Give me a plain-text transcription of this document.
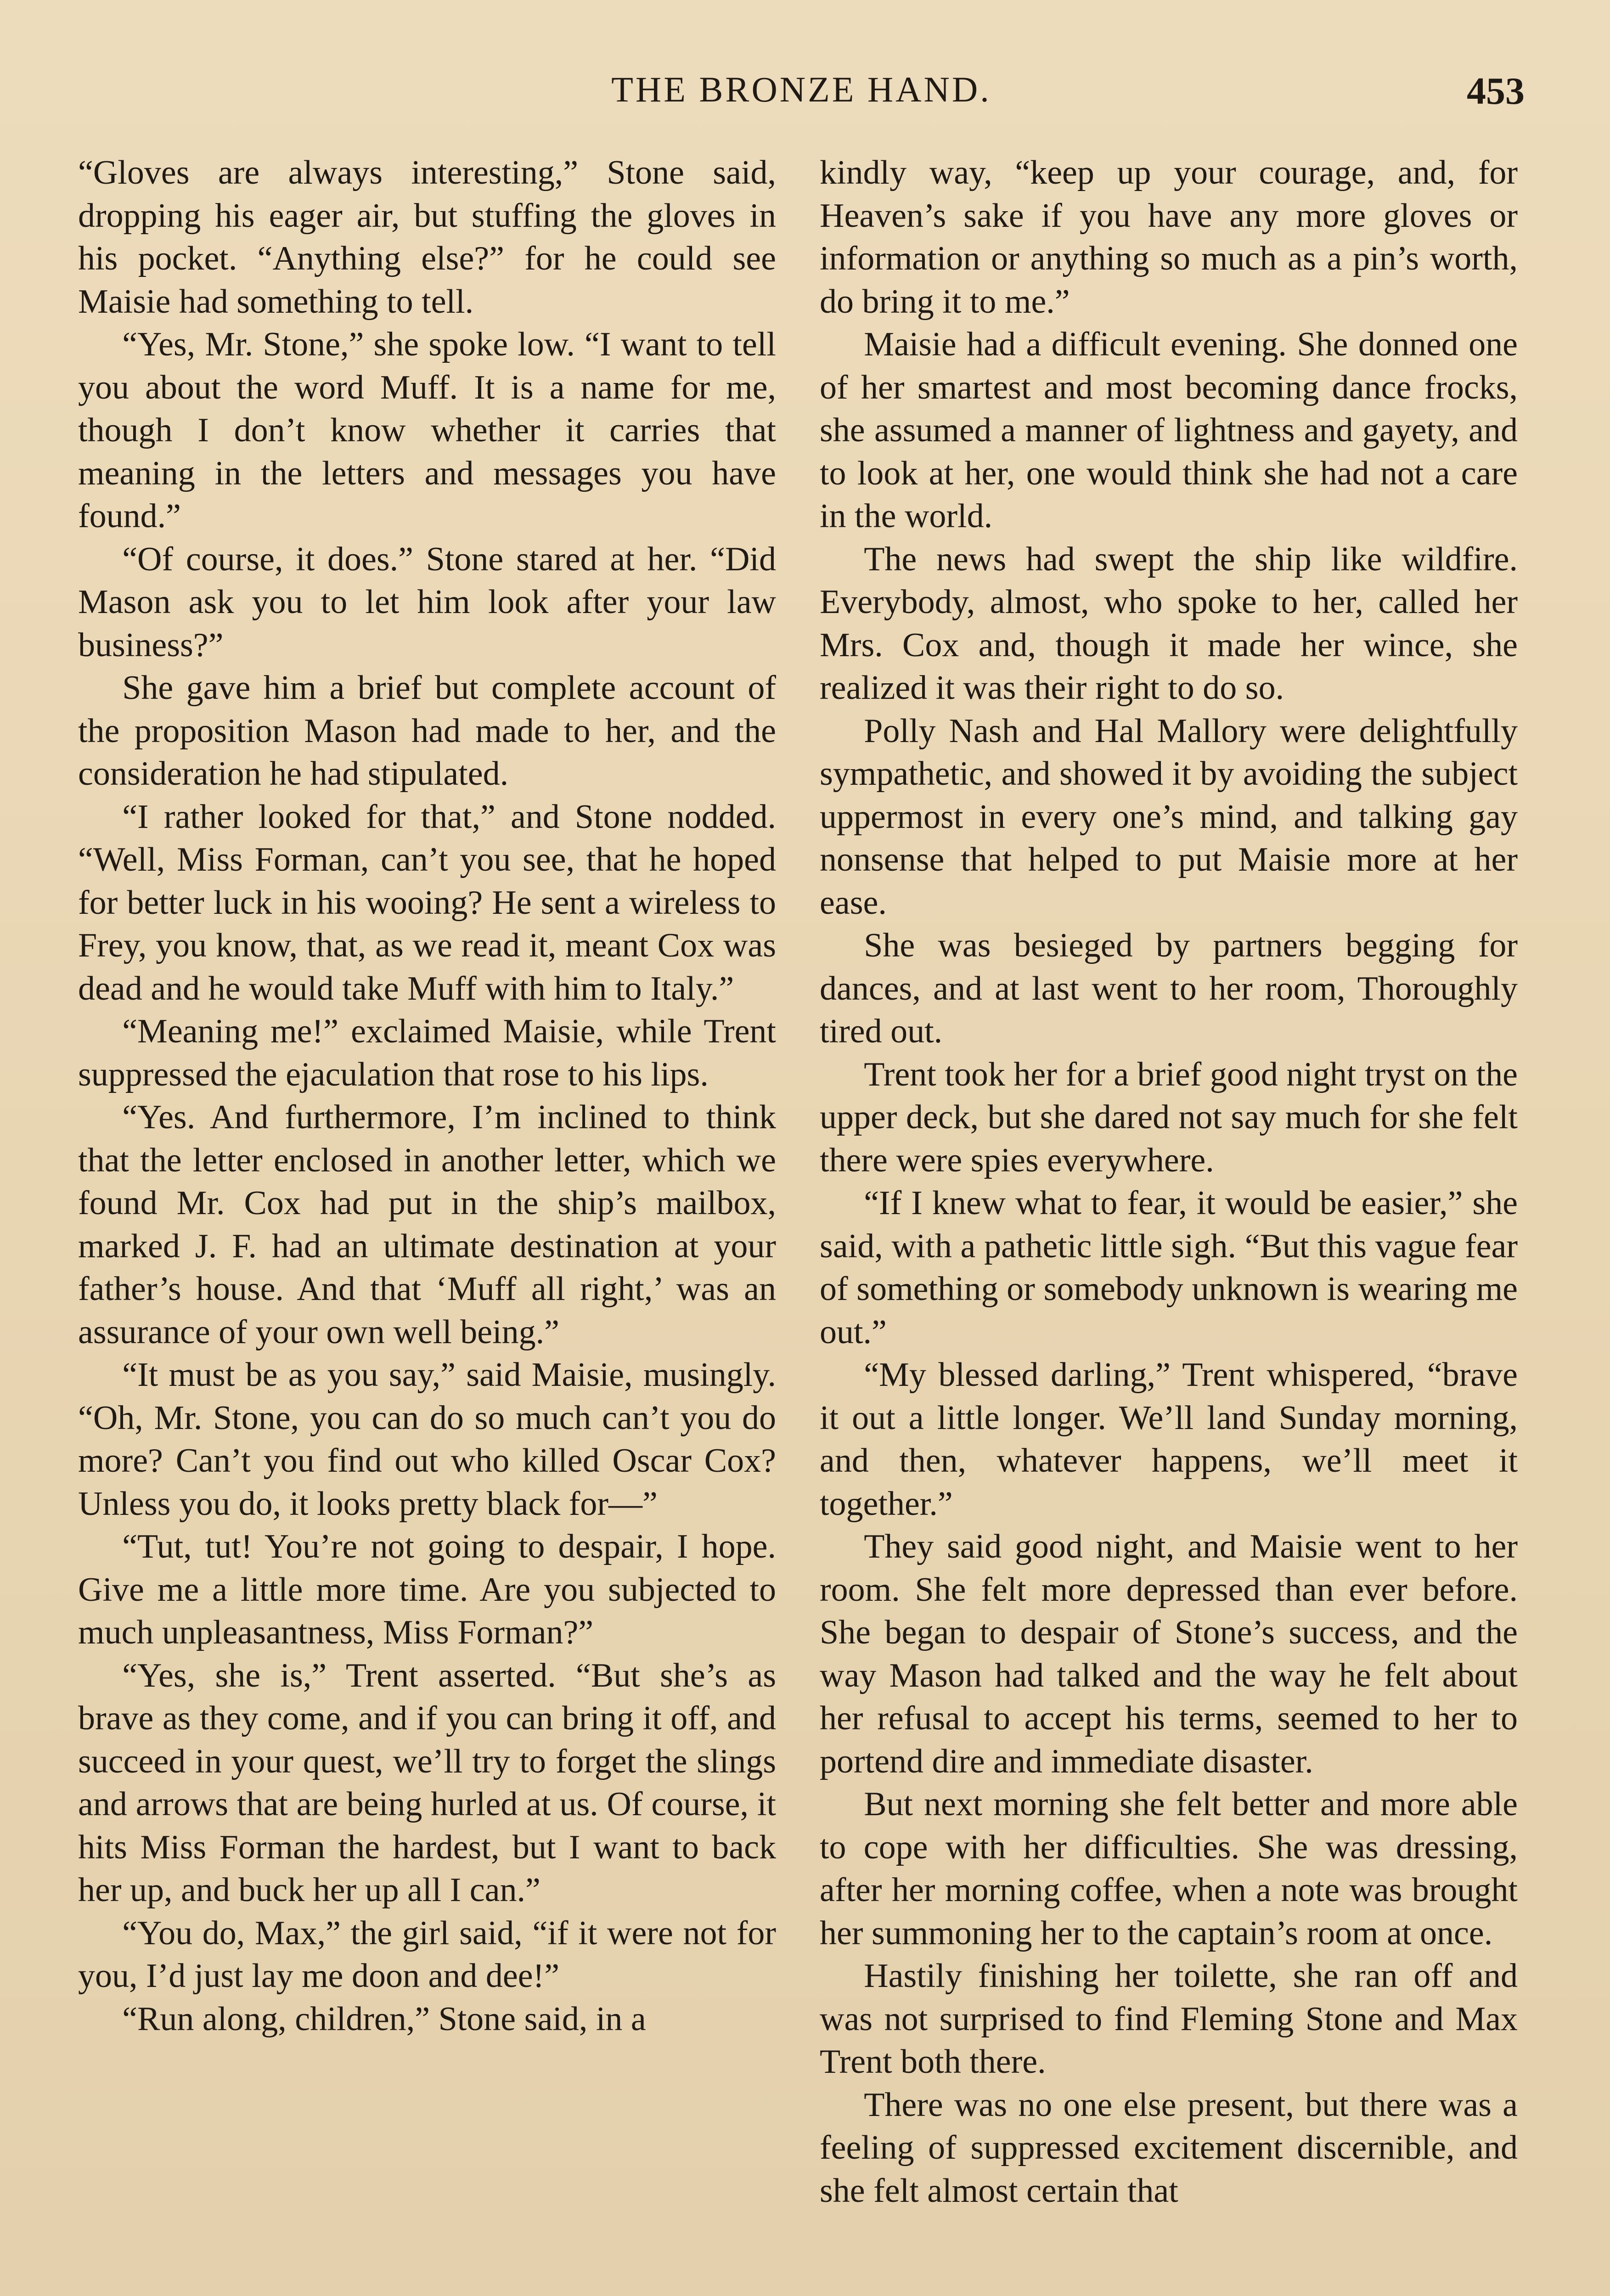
THE BRONZE HAND.	453

“Gloves are always interesting,” Stone said, dropping his eager air, but stuffing the gloves in his pocket. “Anything else?” for he could see Maisie had something to tell.

“Yes, Mr. Stone,” she spoke low. “I want to tell you about the word Muff. It is a name for me, though I don’t know whether it carries that meaning in the letters and messages you have found.”

“Of course, it does.” Stone stared at her. “Did Mason ask you to let him look after your law business?”

She gave him a brief but complete account of the proposition Mason had made to her, and the consideration he had stipulated.

“I rather looked for that,” and Stone nodded. “Well, Miss Forman, can’t you see, that he hoped for better luck in his wooing? He sent a wireless to Frey, you know, that, as we read it, meant Cox was dead and he would take Muff with him to Italy.”

“Meaning me!” exclaimed Maisie, while Trent suppressed the ejaculation that rose to his lips.

“Yes. And furthermore, I’m inclined to think that the letter enclosed in another letter, which we found Mr. Cox had put in the ship’s mailbox, marked J. F. had an ultimate destination at your father’s house. And that ‘Muff all right,’ was an assurance of your own well being.”

“It must be as you say,” said Maisie, musingly. “Oh, Mr. Stone, you can do so much can’t you do more? Can’t you find out who killed Oscar Cox? Unless you do, it looks pretty black for—”

“Tut, tut! You’re not going to despair, I hope. Give me a little more time. Are you subjected to much unpleasantness, Miss Forman?”

“Yes, she is,” Trent asserted. “But she’s as brave as they come, and if you can bring it off, and succeed in your quest, we’ll try to forget the slings and arrows that are being hurled at us. Of course, it hits Miss Forman the hardest, but I want to back her up, and buck her up all I can.”

“You do, Max,” the girl said, “if it were not for you, I’d just lay me doon and dee!”

“Run along, children,” Stone said, in a

kindly way, “keep up your courage, and, for Heaven’s sake if you have any more gloves or information or anything so much as a pin’s worth, do bring it to me.”

Maisie had a difficult evening. She donned one of her smartest and most becoming dance frocks, she assumed a manner of lightness and gayety, and to look at her, one would think she had not a care in the world.

The news had swept the ship like wildfire. Everybody, almost, who spoke to her, called her Mrs. Cox and, though it made her wince, she realized it was their right to do so.

Polly Nash and Hal Mallory were delightfully sympathetic, and showed it by avoiding the subject uppermost in every one’s mind, and talking gay nonsense that helped to put Maisie more at her ease.

She was besieged by partners begging for dances, and at last went to her room, Thoroughly tired out.

Trent took her for a brief good night tryst on the upper deck, but she dared not say much for she felt there were spies everywhere.

“If I knew what to fear, it would be easier,” she said, with a pathetic little sigh. “But this vague fear of something or somebody unknown is wearing me out.”

“My blessed darling,” Trent whispered, “brave it out a little longer. We’ll land Sunday morning, and then, whatever happens, we’ll meet it together.”

They said good night, and Maisie went to her room. She felt more depressed than ever before. She began to despair of Stone’s success, and the way Mason had talked and the way he felt about her refusal to accept his terms, seemed to her to portend dire and immediate disaster.

But next morning she felt better and more able to cope with her difficulties. She was dressing, after her morning coffee, when a note was brought her summoning her to the captain’s room at once.

Hastily finishing her toilette, she ran off and was not surprised to find Fleming Stone and Max Trent both there.

There was no one else present, but there was a feeling of suppressed excitement discernible, and she felt almost certain that
